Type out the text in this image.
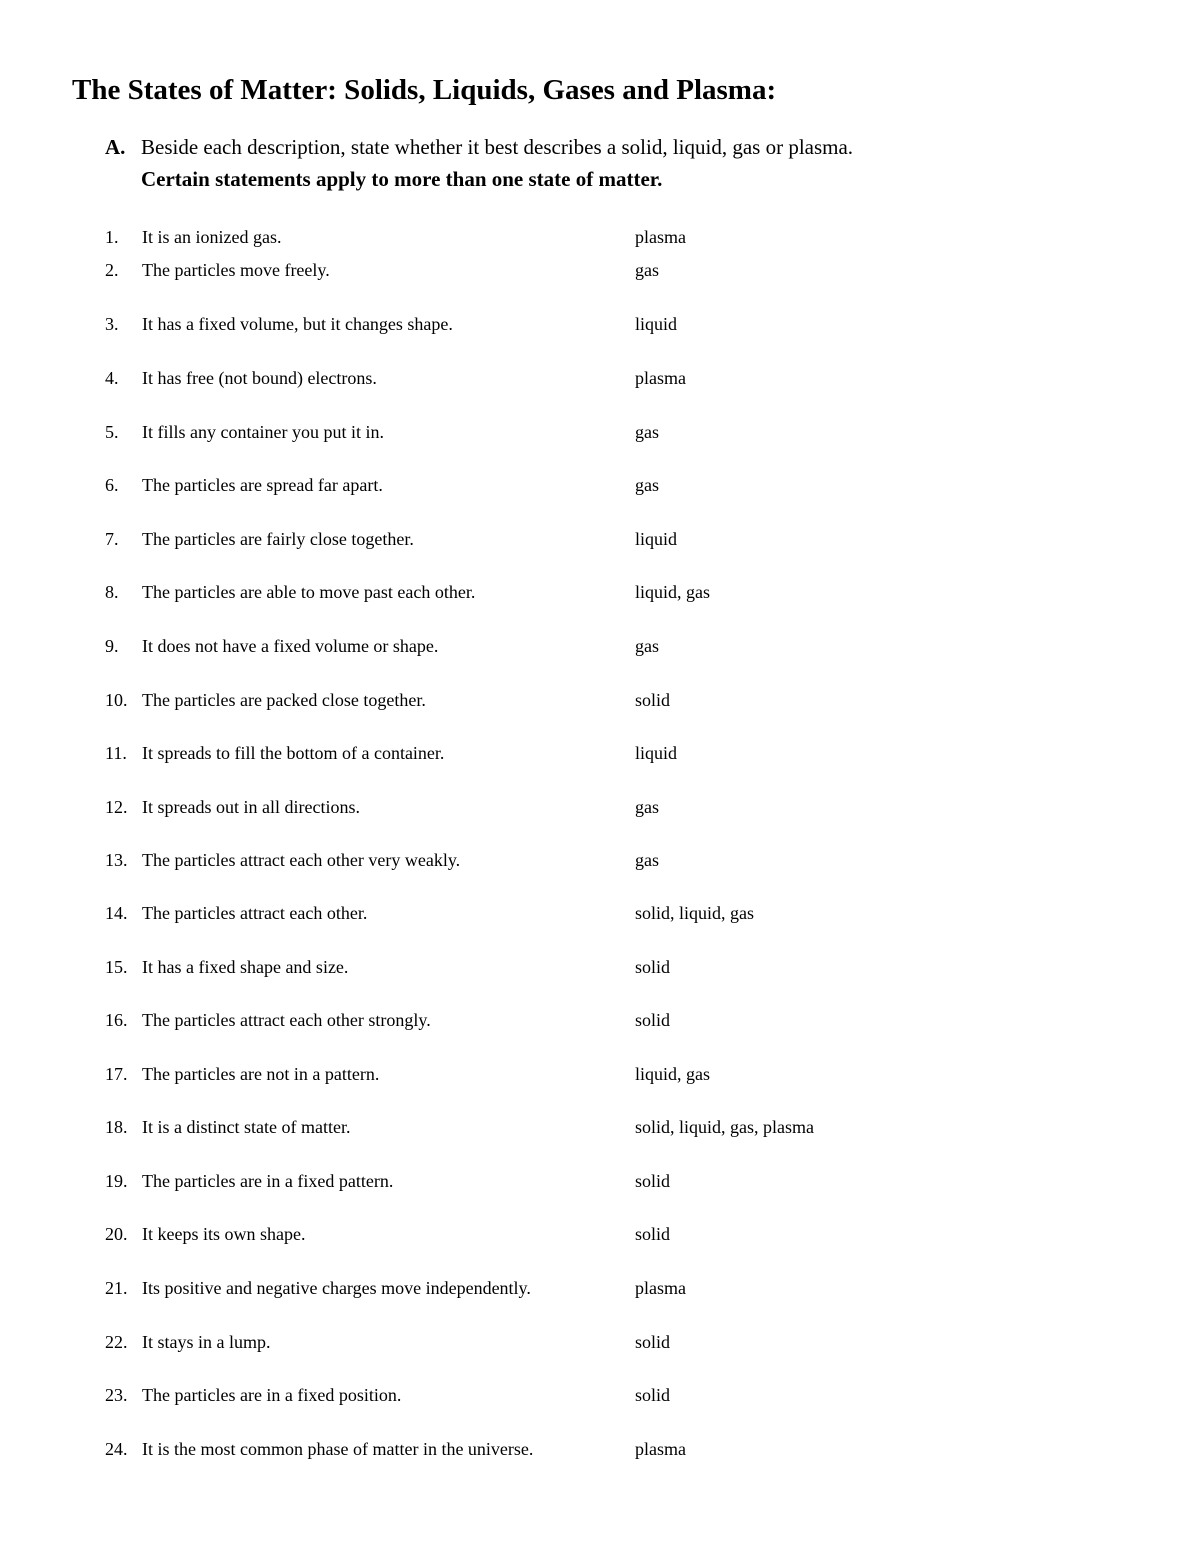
The States of Matter: Solids, Liquids, Gases and Plasma:
A. Beside each description, state whether it best describes a solid, liquid, gas or plasma.
Certain statements apply to more than one state of matter.
1. It is an ionized gas.	plasma
2. The particles move freely.	gas
3. It has a fixed volume, but it changes shape.	liquid
4. It has free (not bound) electrons.	plasma
5. It fills any container you put it in.	gas
6. The particles are spread far apart.	gas
7. The particles are fairly close together.	liquid
8. The particles are able to move past each other.	liquid, gas
9. It does not have a fixed volume or shape.	gas
10. The particles are packed close together.	solid
11. It spreads to fill the bottom of a container.	liquid
12. It spreads out in all directions.	gas
13. The particles attract each other very weakly.	gas
14. The particles attract each other.	solid, liquid, gas
15. It has a fixed shape and size.	solid
16. The particles attract each other strongly.	solid
17. The particles are not in a pattern.	liquid, gas
18. It is a distinct state of matter.	solid, liquid, gas, plasma
19. The particles are in a fixed pattern.	solid
20. It keeps its own shape.	solid
21. Its positive and negative charges move independently.	plasma
22. It stays in a lump.	solid
23. The particles are in a fixed position.	solid
24. It is the most common phase of matter in the universe.	plasma
